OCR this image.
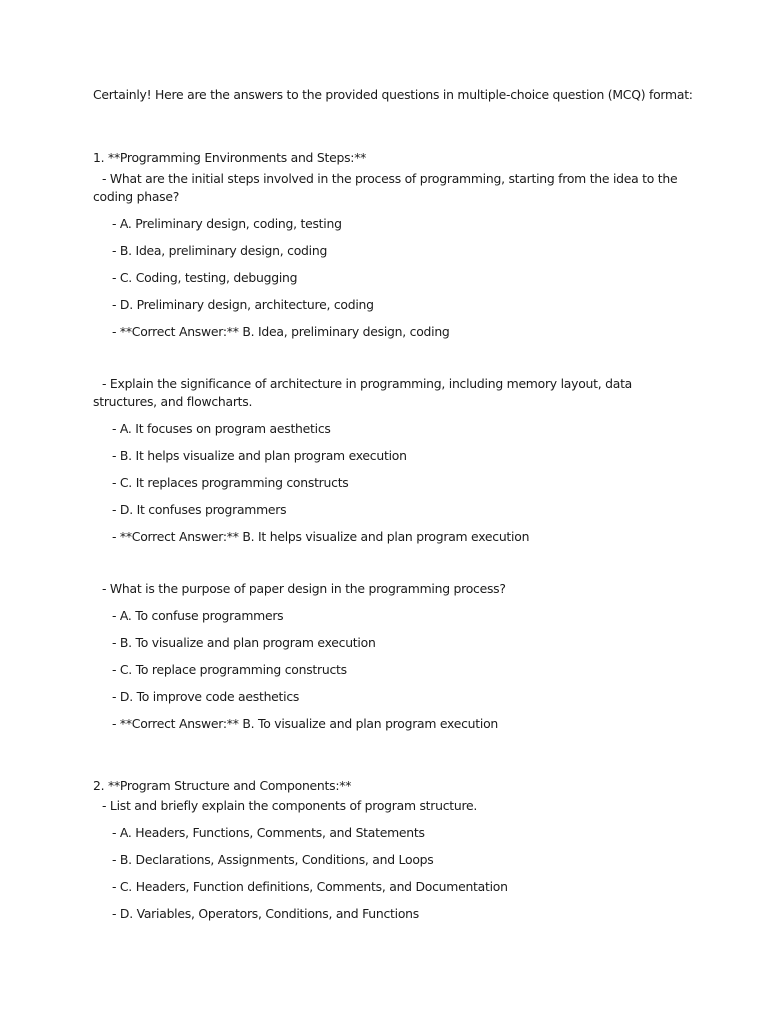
Certainly! Here are the answers to the provided questions in multiple-choice question (MCQ) format:

1. **Programming Environments and Steps:**

- What are the initial steps involved in the process of programming, starting from the idea to the coding phase?
- A. Preliminary design, coding, testing
- B. Idea, preliminary design, coding
- C. Coding, testing, debugging
- D. Preliminary design, architecture, coding
- **Correct Answer:** B. Idea, preliminary design, coding
- Explain the significance of architecture in programming, including memory layout, data structures, and flowcharts.
- A. It focuses on program aesthetics
- B. It helps visualize and plan program execution
- C. It replaces programming constructs
- D. It confuses programmers
- **Correct Answer:** B. It helps visualize and plan program execution
- What is the purpose of paper design in the programming process?
- A. To confuse programmers
- B. To visualize and plan program execution
- C. To replace programming constructs
- D. To improve code aesthetics
- **Correct Answer:** B. To visualize and plan program execution

2. **Program Structure and Components:**

- List and briefly explain the components of program structure.
- A. Headers, Functions, Comments, and Statements
- B. Declarations, Assignments, Conditions, and Loops
- C. Headers, Function definitions, Comments, and Documentation
- D. Variables, Operators, Conditions, and Functions
